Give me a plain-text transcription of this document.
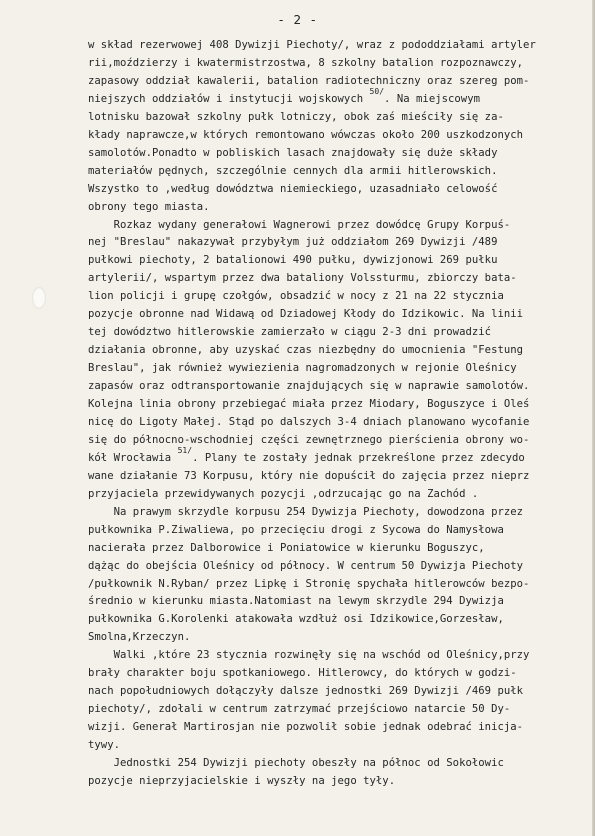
- 2 -
w skład rezerwowej 408 Dywizji Piechoty/, wraz z pododdziałami artyler
rii,moździerzy i kwatermistrzostwa, 8 szkolny batalion rozpoznawczy,
zapasowy oddział kawalerii, batalion radiotechniczny oraz szereg pom-
niejszych oddziałów i instytucji wojskowych $^{50/}$. Na miejscowym
lotnisku bazował szkolny pułk lotniczy, obok zaś mieściły się za-
kłady naprawcze,w których remontowano wówczas około 200 uszkodzonych
samolotów.Ponadto w pobliskich lasach znajdowały się duże składy
materiałów pędnych, szczególnie cennych dla armii hitlerowskich.
Wszystko to ,według dowództwa niemieckiego, uzasadniało celowość
obrony tego miasta.
Rozkaz wydany generałowi Wagnerowi przez dowódcę Grupy Korpuś-
nej "Breslau" nakazywał przybyłym już oddziałom 269 Dywizji /489
pułkowi piechoty, 2 batalionowi 490 pułku, dywizjonowi 269 pułku
artylerii/, wspartym przez dwa bataliony Volssturmu, zbiorczy bata-
lion policji i grupę czołgów, obsadzić w nocy z 21 na 22 stycznia
pozycje obronne nad Widawą od Dziadowej Kłody do Idzikowic. Na linii
tej dowództwo hitlerowskie zamierzało w ciągu 2-3 dni prowadzić
działania obronne, aby uzyskać czas niezbędny do umocnienia "Festung
Breslau", jak również wywiezienia nagromadzonych w rejonie Oleśnicy
zapasów oraz odtransportowanie znajdujących się w naprawie samolotów.
Kolejna linia obrony przebiegać miała przez Miodary, Boguszyce i Oleś
nicę do Ligoty Małej. Stąd po dalszych 3-4 dniach planowano wycofanie
się do północno-wschodniej części zewnętrznego pierścienia obrony wo-
kół Wrocławia $^{51/}$. Plany te zostały jednak przekreślone przez zdecydo
wane działanie 73 Korpusu, który nie dopuścił do zajęcia przez nieprz
przyjaciela przewidywanych pozycji ,odrzucając go na Zachód .
Na prawym skrzydle korpusu 254 Dywizja Piechoty, dowodzona przez
pułkownika P.Ziwaliewa, po przecięciu drogi z Sycowa do Namysłowa
nacierała przez Dalborowice i Poniatowice w kierunku Boguszyc,
dążąc do obejścia Oleśnicy od północy. W centrum 50 Dywizja Piechoty
/pułkownik N.Ryban/ przez Lipkę i Stronię spychała hitlerowców bezpo-
średnio w kierunku miasta.Natomiast na lewym skrzydle 294 Dywizja
pułkownika G.Korolenki atakowała wzdłuż osi Idzikowice,Gorzesław,
Smolna,Krzeczyn.
Walki ,które 23 stycznia rozwinęły się na wschód od Oleśnicy,przy
brały charakter boju spotkaniowego. Hitlerowcy, do których w godzi-
nach popołudniowych dołączyły dalsze jednostki 269 Dywizji /469 pułk
piechoty/, zdołali w centrum zatrzymać przejściowo natarcie 50 Dy-
wizji. Generał Martirosjan nie pozwolił sobie jednak odebrać inicja-
tywy.
Jednostki 254 Dywizji piechoty obeszły na północ od Sokołowic
pozycje nieprzyjacielskie i wyszły na jego tyły.
